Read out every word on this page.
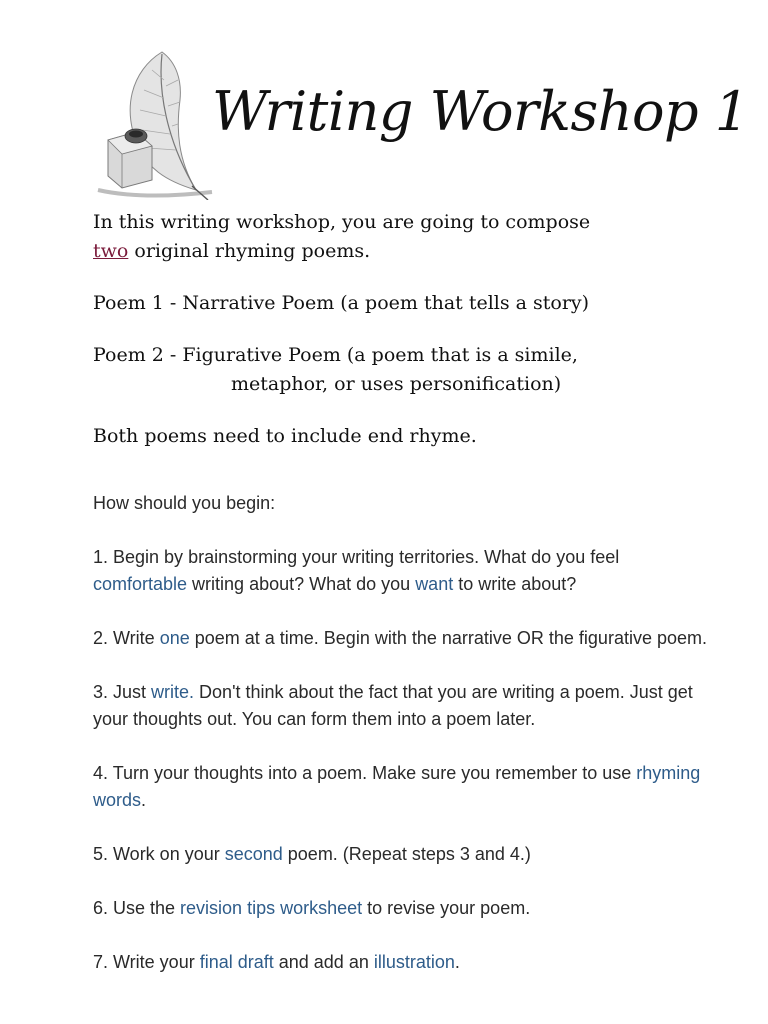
Writing Workshop 1

In this writing workshop, you are going to compose
two original rhyming poems.

Poem 1 - Narrative Poem (a poem that tells a story)

Poem 2 - Figurative Poem (a poem that is a simile,
metaphor, or uses personification)

Both poems need to include end rhyme.

How should you begin:

1. Begin by brainstorming your writing territories. What do you feel comfortable writing about? What do you want to write about?

2. Write one poem at a time. Begin with the narrative OR the figurative poem.

3. Just write. Don't think about the fact that you are writing a poem. Just get your thoughts out. You can form them into a poem later.

4. Turn your thoughts into a poem. Make sure you remember to use rhyming words.

5. Work on your second poem. (Repeat steps 3 and 4.)

6. Use the revision tips worksheet to revise your poem.

7. Write your final draft and add an illustration.
